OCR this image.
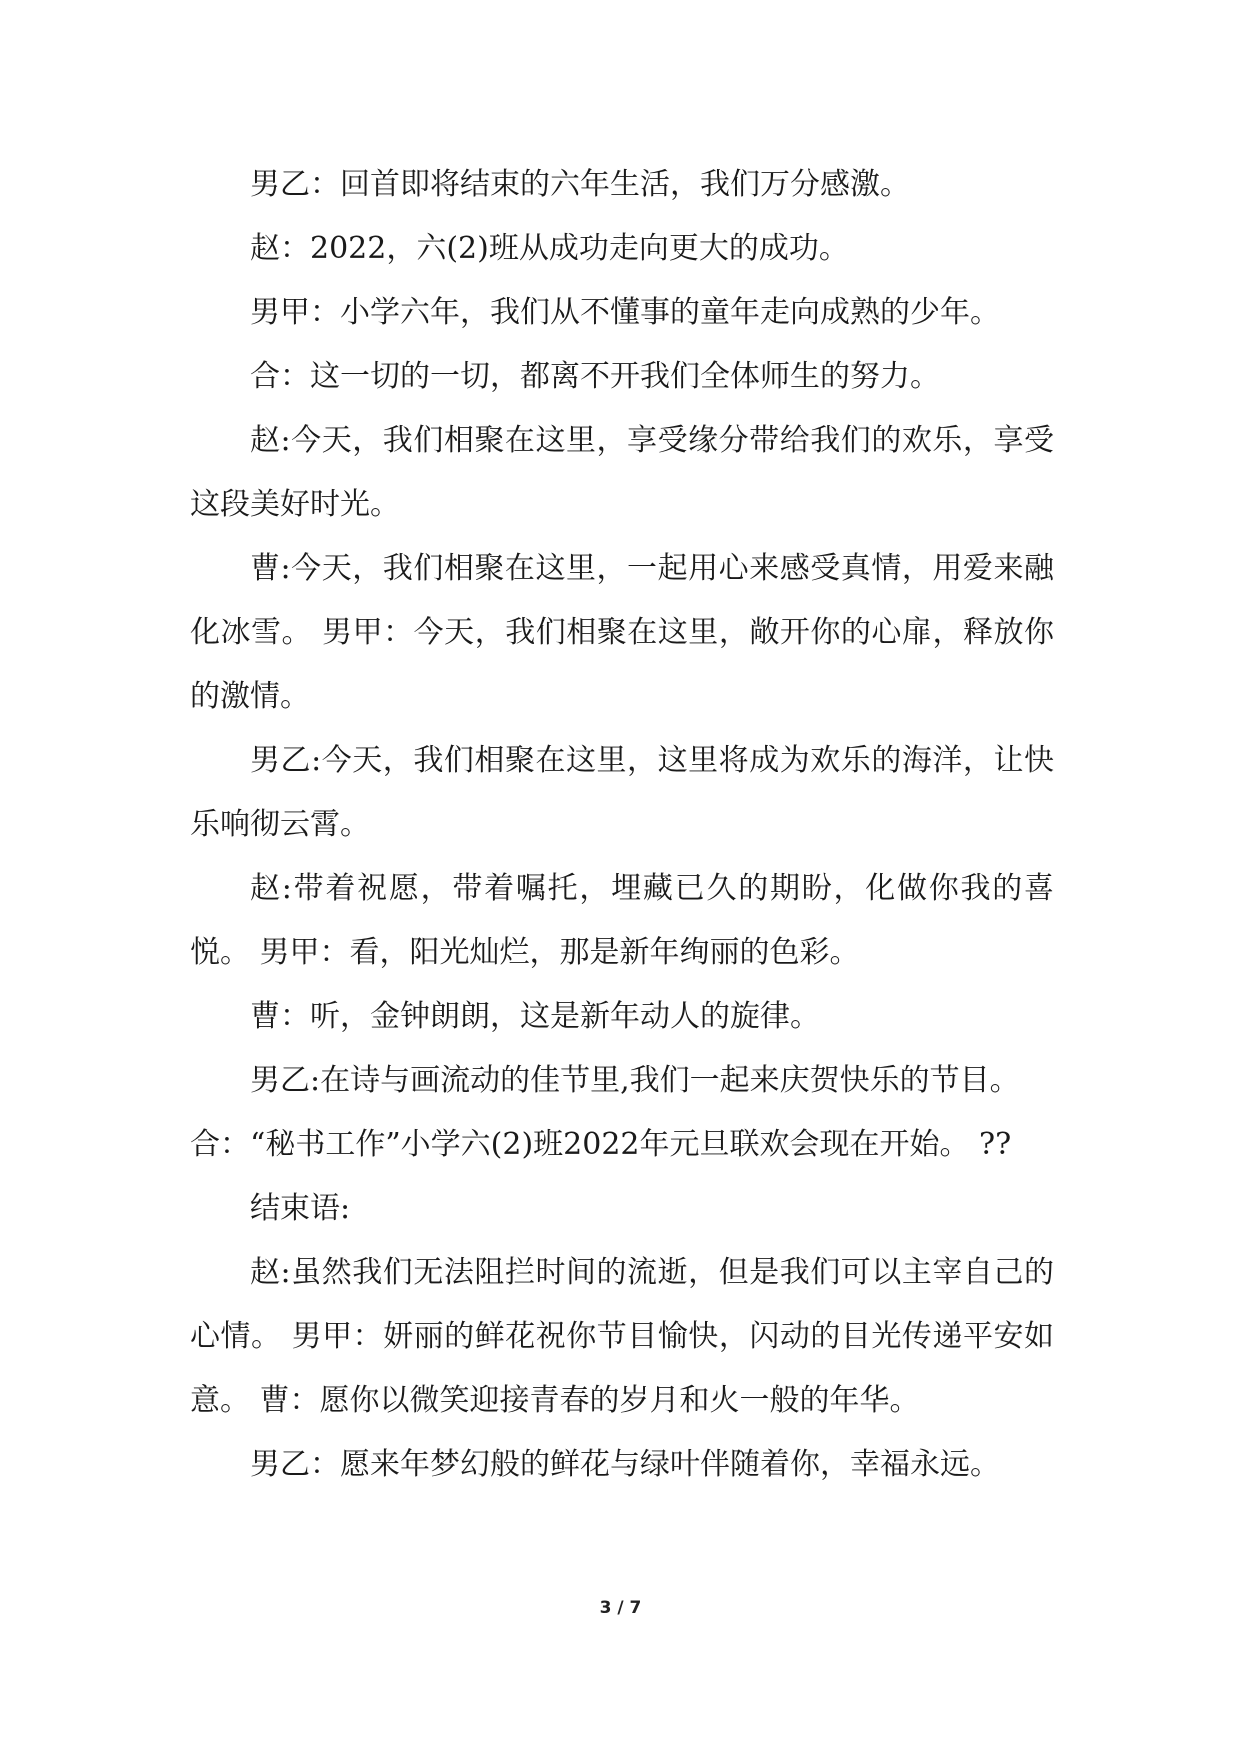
男乙：回首即将结束的六年生活，我们万分感激。

赵：2022，六(2)班从成功走向更大的成功。

男甲：小学六年，我们从不懂事的童年走向成熟的少年。

合：这一切的一切，都离不开我们全体师生的努力。

赵:今天，我们相聚在这里，享受缘分带给我们的欢乐，享受这段美好时光。

曹:今天，我们相聚在这里，一起用心来感受真情，用爱来融化冰雪。 男甲：今天，我们相聚在这里，敞开你的心扉，释放你的激情。

男乙:今天，我们相聚在这里，这里将成为欢乐的海洋，让快乐响彻云霄。

赵:带着祝愿，带着嘱托，埋藏已久的期盼，化做你我的喜悦。 男甲：看，阳光灿烂，那是新年绚丽的色彩。

曹：听，金钟朗朗，这是新年动人的旋律。

男乙:在诗与画流动的佳节里,我们一起来庆贺快乐的节目。

合：“秘书工作”小学六(2)班2022年元旦联欢会现在开始。 ??

结束语:

赵:虽然我们无法阻拦时间的流逝，但是我们可以主宰自己的心情。 男甲：妍丽的鲜花祝你节目愉快，闪动的目光传递平安如意。 曹：愿你以微笑迎接青春的岁月和火一般的年华。

男乙：愿来年梦幻般的鲜花与绿叶伴随着你，幸福永远。

3 / 7
